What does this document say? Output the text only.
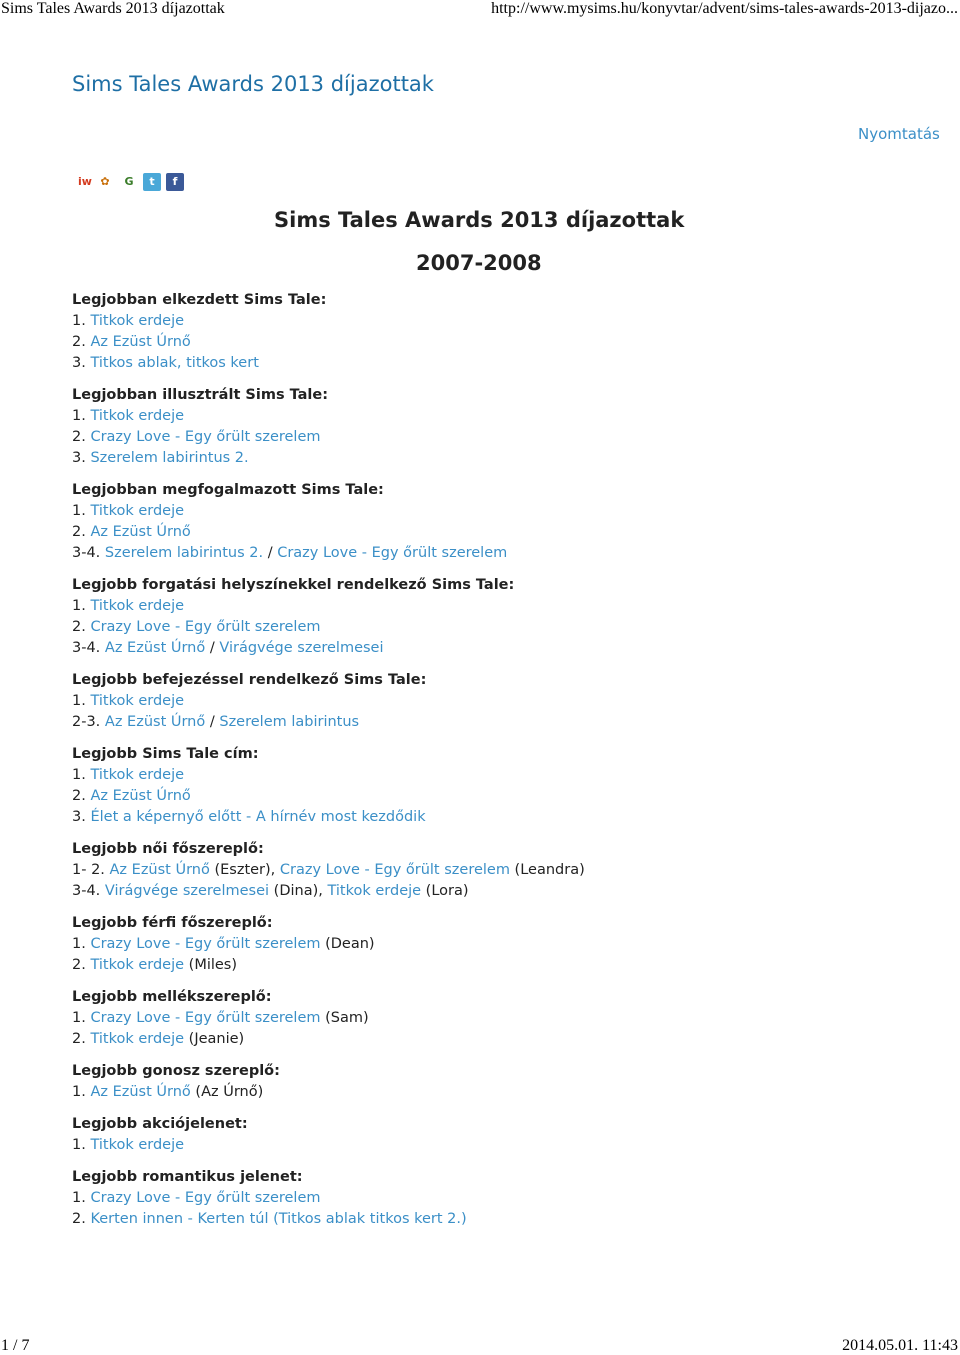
Sims Tales Awards 2013 díjazottak	http://www.mysims.hu/konyvtar/advent/sims-tales-awards-2013-dijazo...
Sims Tales Awards 2013 díjazottak
Nyomtatás
iw ✿	G	t	f
Sims Tales Awards 2013 díjazottak
2007-2008
Legjobban elkezdett Sims Tale:
1. Titkok erdeje
2. Az Ezüst Úrnő
3. Titkos ablak, titkos kert
Legjobban illusztrált Sims Tale:
1. Titkok erdeje
2. Crazy Love - Egy őrült szerelem
3. Szerelem labirintus 2.
Legjobban megfogalmazott Sims Tale:
1. Titkok erdeje
2. Az Ezüst Úrnő
3-4. Szerelem labirintus 2. / Crazy Love - Egy őrült szerelem
Legjobb forgatási helyszínekkel rendelkező Sims Tale:
1. Titkok erdeje
2. Crazy Love - Egy őrült szerelem
3-4. Az Ezüst Úrnő / Virágvége szerelmesei
Legjobb befejezéssel rendelkező Sims Tale:
1. Titkok erdeje
2-3. Az Ezüst Úrnő / Szerelem labirintus
Legjobb Sims Tale cím:
1. Titkok erdeje
2. Az Ezüst Úrnő
3. Élet a képernyő előtt - A hírnév most kezdődik
Legjobb női főszereplő:
1- 2. Az Ezüst Úrnő (Eszter), Crazy Love - Egy őrült szerelem (Leandra)
3-4. Virágvége szerelmesei (Dina), Titkok erdeje (Lora)
Legjobb férfi főszereplő:
1. Crazy Love - Egy őrült szerelem (Dean)
2. Titkok erdeje (Miles)
Legjobb mellékszereplő:
1. Crazy Love - Egy őrült szerelem (Sam)
2. Titkok erdeje (Jeanie)
Legjobb gonosz szereplő:
1. Az Ezüst Úrnő (Az Úrnő)
Legjobb akciójelenet:
1. Titkok erdeje
Legjobb romantikus jelenet:
1. Crazy Love - Egy őrült szerelem
2. Kerten innen - Kerten túl (Titkos ablak titkos kert 2.)
1 / 7	2014.05.01. 11:43
